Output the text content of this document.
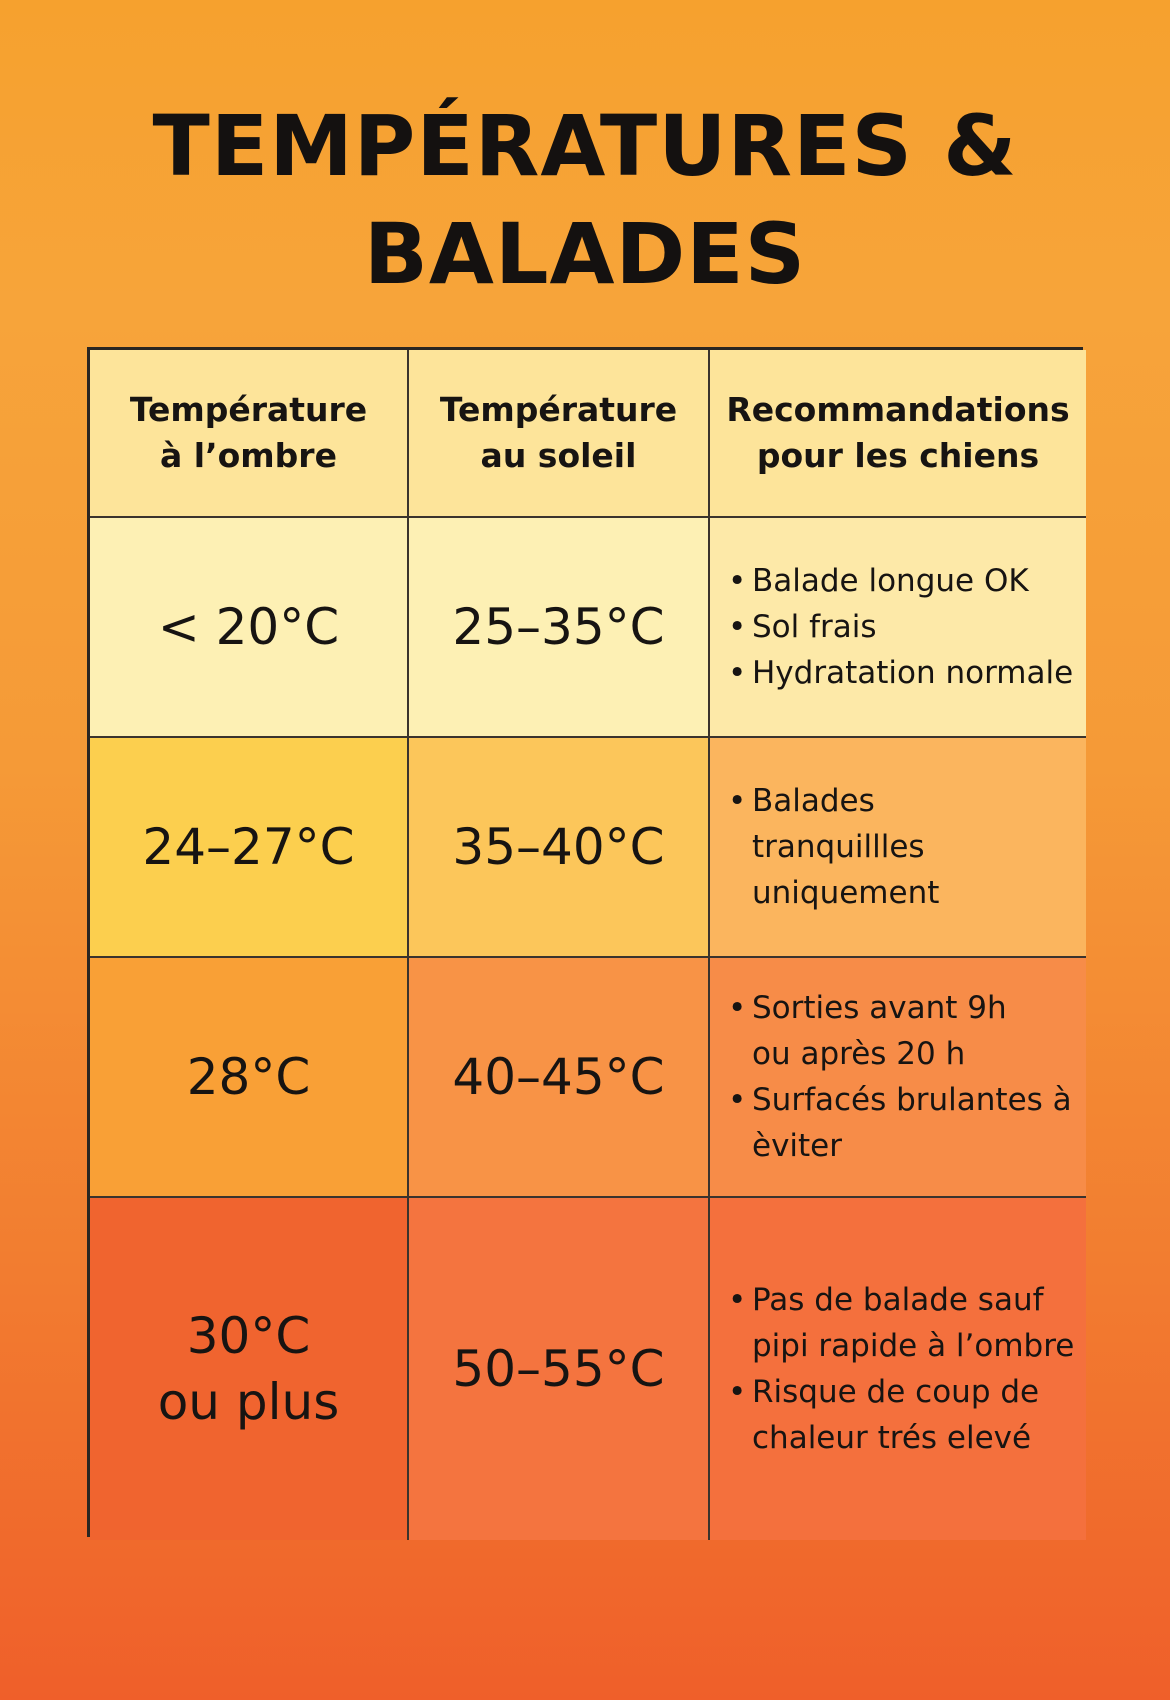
TEMPÉRATURES &
BALADES
Température
à l’ombre
Température
au soleil
Recommandations
pour les chiens
< 20°C 25–35°C
• Balade longue OK
• Sol frais
• Hydratation normale
24–27°C 35–40°C
• Balades tranquillles uniquement
28°C	40–45°C
• Sorties avant 9h ou après 20 h
• Surfacés brulantes à èviter
30°C
ou plus
50–55°C
• Pas de balade sauf pipi rapide à l’ombre
• Risque de coup de chaleur trés elevé
